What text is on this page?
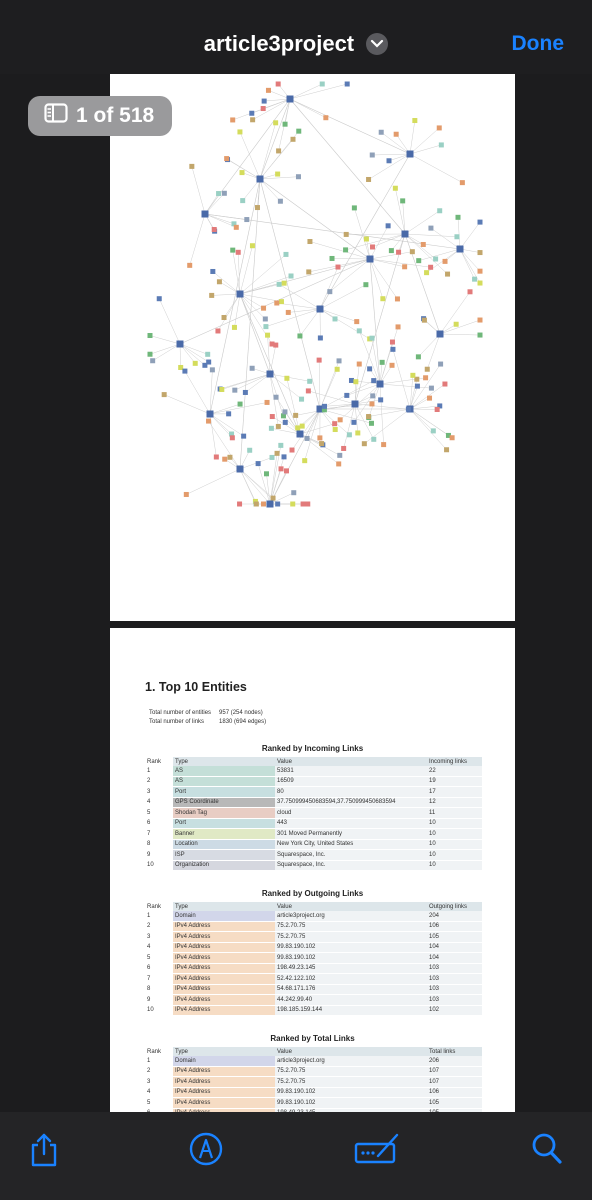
article3project	Done
1 of 518
1. Top 10 Entities
Total number of entities	957 (254 nodes)
Total number of links	1830 (694 edges)
Ranked by Incoming Links
Rank	Type	Value	Incoming links
1	AS	53831	22
2	AS	16509	19
3	Port	80	17
4	GPS Coordinate	37.750999450683594,37.750999450683594	12
5	Shodan Tag	cloud	11
6	Port	443	10
7	Banner	301 Moved Permanently	10
8	Location	New York City, United States	10
9	ISP	Squarespace, Inc.	10
10	Organization	Squarespace, Inc.	10
Ranked by Outgoing Links
Rank	Type	Value	Outgoing links
1	Domain	article3project.org	204
2	IPv4 Address	75.2.70.75	106
3	IPv4 Address	75.2.70.75	105
4	IPv4 Address	99.83.190.102	104
5	IPv4 Address	99.83.190.102	104
6	IPv4 Address	198.49.23.145	103
7	IPv4 Address	52.42.122.102	103
8	IPv4 Address	54.68.171.176	103
9	IPv4 Address	44.242.99.40	103
10	IPv4 Address	198.185.159.144	102
Ranked by Total Links
Rank	Type	Value	Total links
1	Domain	article3project.org	206
2	IPv4 Address	75.2.70.75	107
3	IPv4 Address	75.2.70.75	107
4	IPv4 Address	99.83.190.102	106
5	IPv4 Address	99.83.190.102	105
